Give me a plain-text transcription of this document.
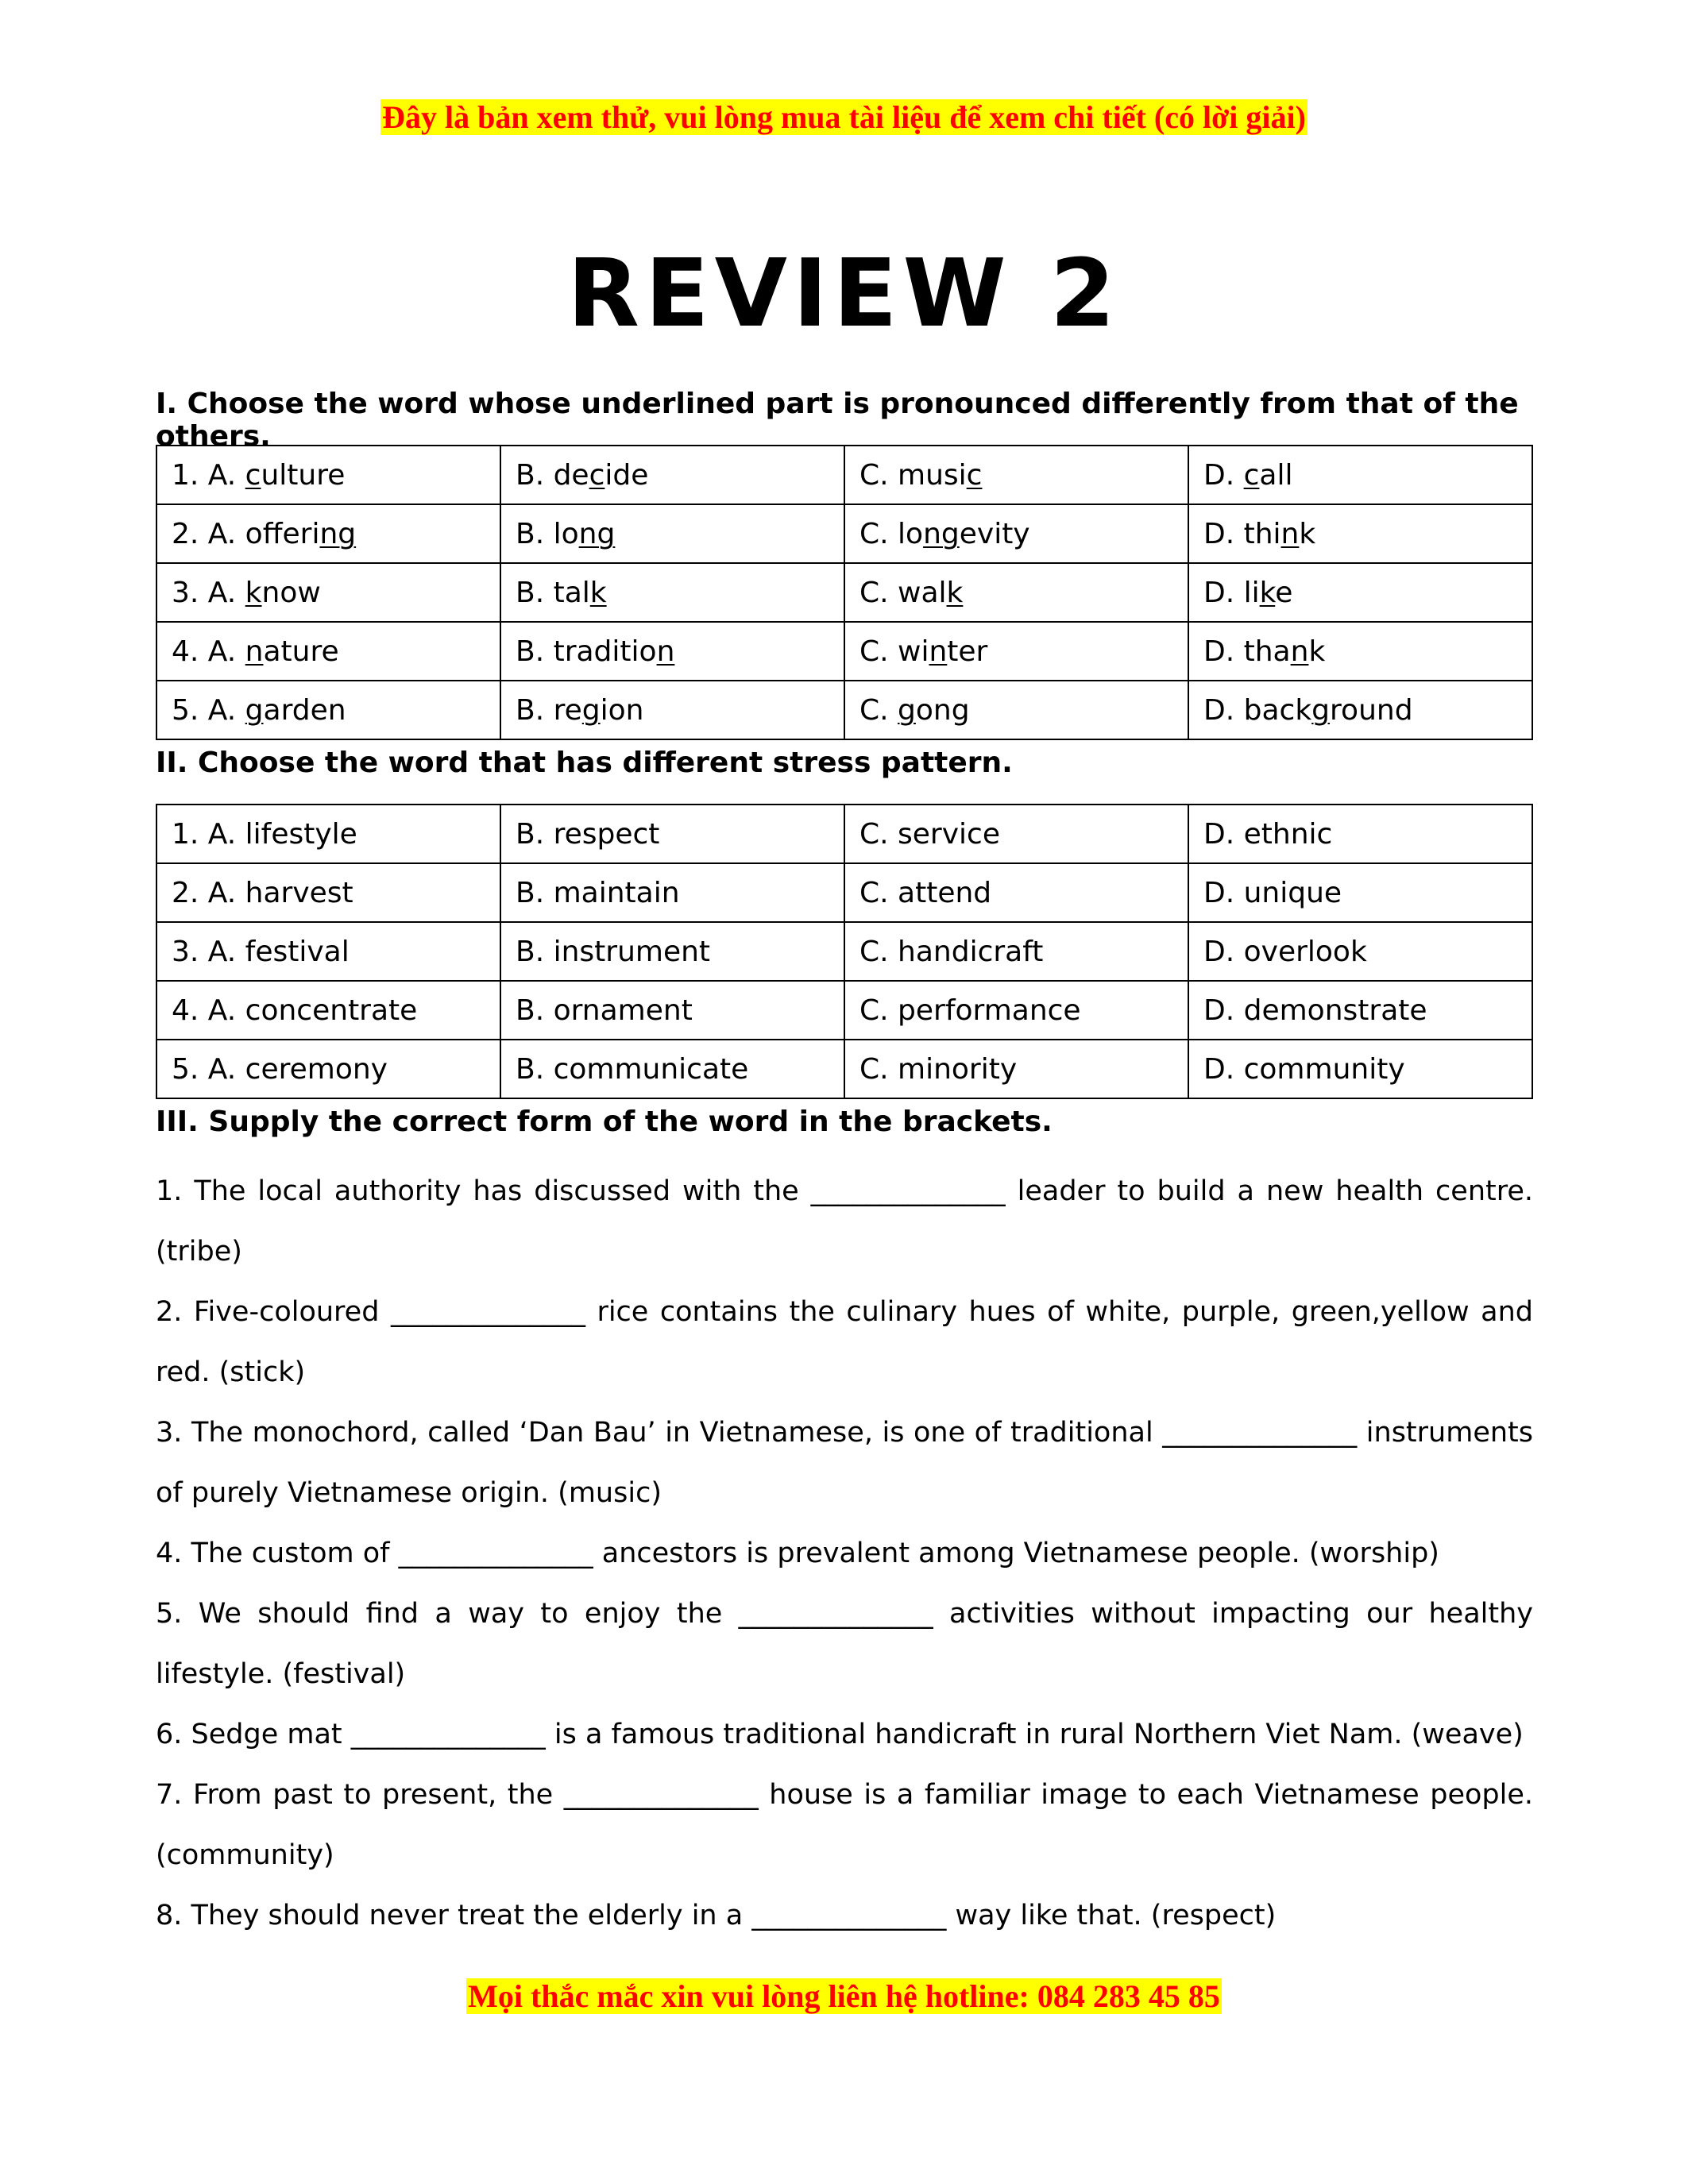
Đây là bản xem thử, vui lòng mua tài liệu để xem chi tiết (có lời giải)
REVIEW 2
I. Choose the word whose underlined part is pronounced differently from that of the others.
1. A. culture	B. decide	C. music	D. call
2. A. offering	B. long	C. longevity	D. think
3. A. know	B. talk	C. walk	D. like
4. A. nature	B. tradition	C. winter	D. thank
5. A. garden	B. region	C. gong	D. background
II. Choose the word that has different stress pattern.
1. A. lifestyle	B. respect	C. service	D. ethnic
2. A. harvest	B. maintain	C. attend	D. unique
3. A. festival	B. instrument	C. handicraft	D. overlook
4. A. concentrate	B. ornament	C. performance	D. demonstrate
5. A. ceremony	B. communicate	C. minority	D. community
III. Supply the correct form of the word in the brackets.

1. The local authority has discussed with the ______________ leader to build a new health centre. (tribe)

2. Five-coloured ______________ rice contains the culinary hues of white, purple, green,yellow and red. (stick)

3. The monochord, called ‘Dan Bau’ in Vietnamese, is one of traditional ______________ instruments of purely Vietnamese origin. (music)

4. The custom of ______________ ancestors is prevalent among Vietnamese people. (worship)

5. We should find a way to enjoy the ______________ activities without impacting our healthy lifestyle. (festival)

6. Sedge mat ______________ is a famous traditional handicraft in rural Northern Viet Nam. (weave)

7. From past to present, the ______________ house is a familiar image to each Vietnamese people. (community)

8. They should never treat the elderly in a ______________ way like that. (respect)

Mọi thắc mắc xin vui lòng liên hệ hotline: 084 283 45 85
